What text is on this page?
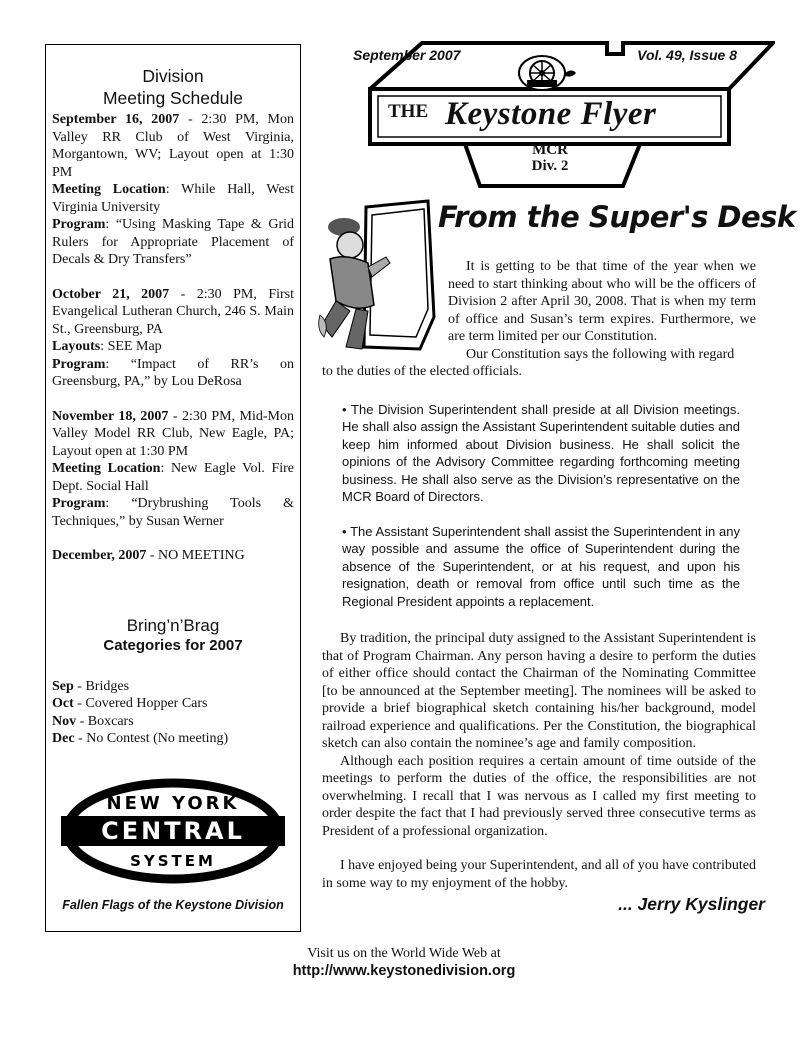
Division
Meeting Schedule
September 16, 2007 - 2:30 PM, Mon Valley RR Club of West Virginia, Morgantown, WV; Layout open at 1:30 PM
Meeting Location: While Hall, West Virginia University
Program: “Using Masking Tape & Grid Rulers for Appropriate Placement of Decals & Dry Transfers”
October 21, 2007 - 2:30 PM, First Evangelical Lutheran Church, 246 S. Main St., Greensburg, PA
Layouts: SEE Map
Program: “Impact of RR’s on Greensburg, PA,” by Lou DeRosa
November 18, 2007 - 2:30 PM, Mid-Mon Valley Model RR Club, New Eagle, PA; Layout open at 1:30 PM
Meeting Location: New Eagle Vol. Fire Dept. Social Hall
Program: “Drybrushing Tools & Techniques,” by Susan Werner
December, 2007 - NO MEETING
Bring’n’Brag
Categories for 2007
Sep - Bridges
Oct - Covered Hopper Cars
Nov - Boxcars
Dec - No Contest (No meeting)
NEW YORK
CENTRAL
SYSTEM
Fallen Flags of the Keystone Division
September 2007	Vol. 49, Issue 8
THE Keystone Flyer
MCR
Div. 2
From the Super's Desk

It is getting to be that time of the year when we need to start thinking about who will be the officers of Division 2 after April 30, 2008. That is when my term of office and Susan’s term expires. Furthermore, we are term limited per our Constitution.

Our Constitution says the following with regard

to the duties of the elected officials.

• The Division Superintendent shall preside at all Division meetings. He shall also assign the Assistant Superintendent suitable duties and keep him informed about Division business. He shall solicit the opinions of the Advisory Committee regarding forthcoming meeting business. He shall also serve as the Division’s representative on the MCR Board of Directors.

• The Assistant Superintendent shall assist the Superintendent in any way possible and assume the office of Superintendent during the absence of the Superintendent, or at his request, and upon his resignation, death or removal from office until such time as the Regional President appoints a replacement.

By tradition, the principal duty assigned to the Assistant Superintendent is that of Program Chairman. Any person having a desire to perform the duties of either office should contact the Chairman of the Nominating Committee [to be announced at the September meeting]. The nominees will be asked to provide a brief biographical sketch containing his/her background, model railroad experience and qualifications. Per the Constitution, the biographical sketch can also contain the nominee’s age and family composition.

Although each position requires a certain amount of time outside of the meetings to perform the duties of the office, the responsibilities are not overwhelming. I recall that I was nervous as I called my first meeting to order despite the fact that I had previously served three consecutive terms as President of a professional organization.

I have enjoyed being your Superintendent, and all of you have contributed in some way to my enjoyment of the hobby.

... Jerry Kyslinger
Visit us on the World Wide Web at
http://www.keystonedivision.org
